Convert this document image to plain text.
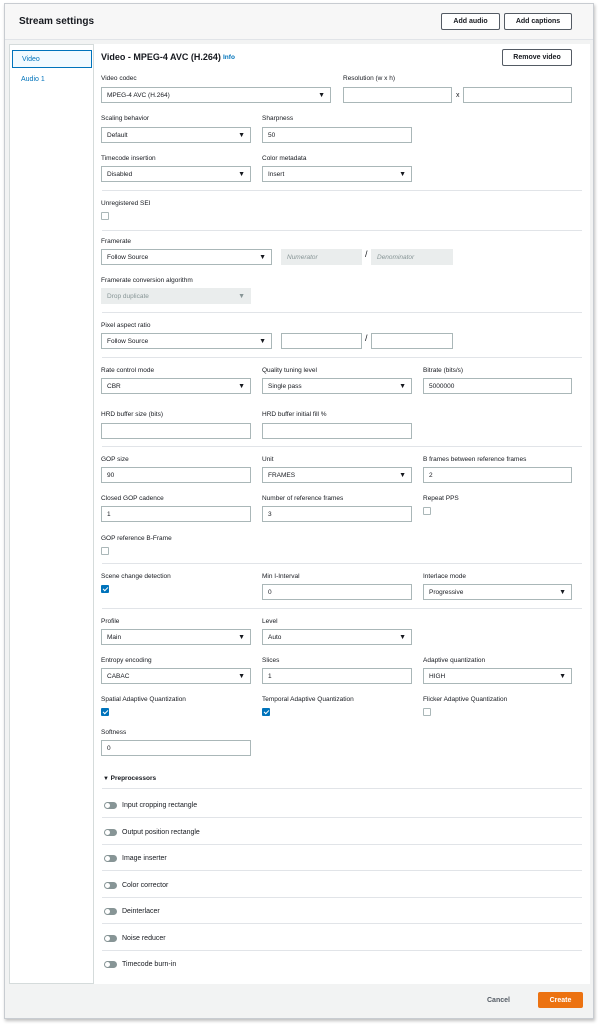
Stream settings	Add audio	Add captions
Video
Audio 1
Video - MPEG-4 AVC (H.264) Info	Remove video
Video codec
MPEG-4 AVC (H.264)	▼
Resolution (w x h)
x
Scaling behavior
Default	▼
Sharpness
50
Timecode insertion
Disabled	▼
Color metadata
Insert	▼
Unregistered SEI
Framerate
Follow Source	▼	Numerator	/	Denominator
Framerate conversion algorithm
Drop duplicate	▼
Pixel aspect ratio
Follow Source	▼	/
Rate control mode
CBR	▼
Quality tuning level
Single pass	▼
Bitrate (bits/s)
5000000
HRD buffer size (bits)	HRD buffer initial fill %
GOP size
90
Unit
FRAMES	▼
B frames between reference frames
2
Closed GOP cadence
1
Number of reference frames
3
Repeat PPS
GOP reference B-Frame
Scene change detection	Min I-Interval
0
Interlace mode
Progressive	▼
Profile
Main	▼
Level
Auto	▼
Entropy encoding
CABAC	▼
Slices
1
Adaptive quantization
HIGH	▼
Spatial Adaptive Quantization	Temporal Adaptive Quantization	Flicker Adaptive Quantization
Softness
0
▼ Preprocessors
Input cropping rectangle
Output position rectangle
Image inserter
Color corrector
Deinterlacer
Noise reducer
Timecode burn-in
Cancel	Create
